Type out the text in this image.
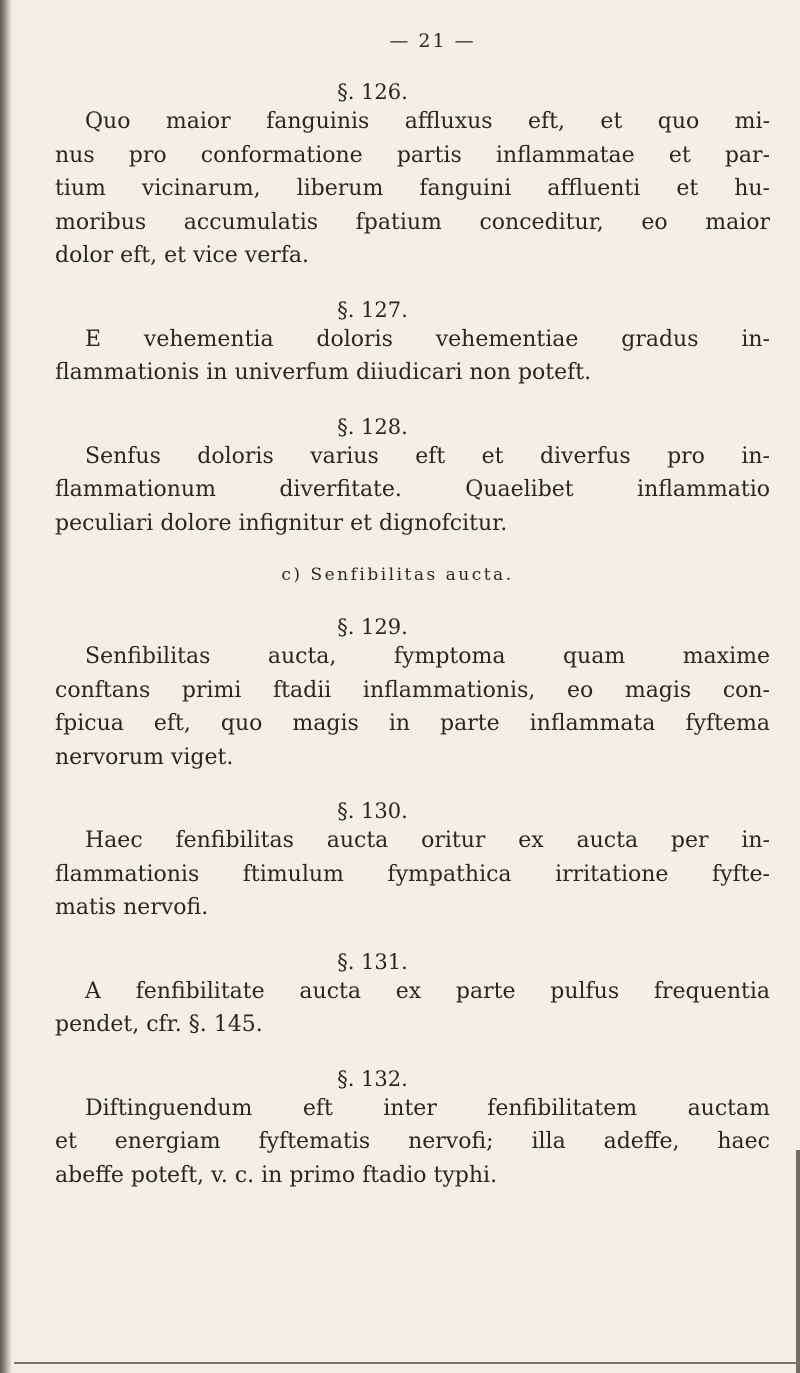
— 21 —
§. 126.
Quo maior fanguinis affluxus eft, et quo mi-
nus pro conformatione partis inflammatae et par-
tium vicinarum, liberum fanguini affluenti et hu-
moribus accumulatis fpatium conceditur, eo maior
dolor eft, et vice verfa.
§. 127.
E vehementia doloris vehementiae gradus in-
flammationis in univerfum diiudicari non poteft.
§. 128.
Senfus doloris varius eft et diverfus pro in-
flammationum diverfitate. Quaelibet inflammatio
peculiari dolore infignitur et dignofcitur.
c) Senfibilitas aucta.
§. 129.
Senfibilitas aucta, fymptoma quam maxime
conftans primi ftadii inflammationis, eo magis con-
fpicua eft, quo magis in parte inflammata fyftema
nervorum viget.
§. 130.
Haec fenfibilitas aucta oritur ex aucta per in-
flammationis ftimulum fympathica irritatione fyfte-
matis nervofi.
§. 131.
A fenfibilitate aucta ex parte pulfus frequentia
pendet, cfr. §. 145.
§. 132.
Diftinguendum eft inter fenfibilitatem auctam
et energiam fyftematis nervofi; illa adeffe, haec
abeffe poteft, v. c. in primo ftadio typhi.
